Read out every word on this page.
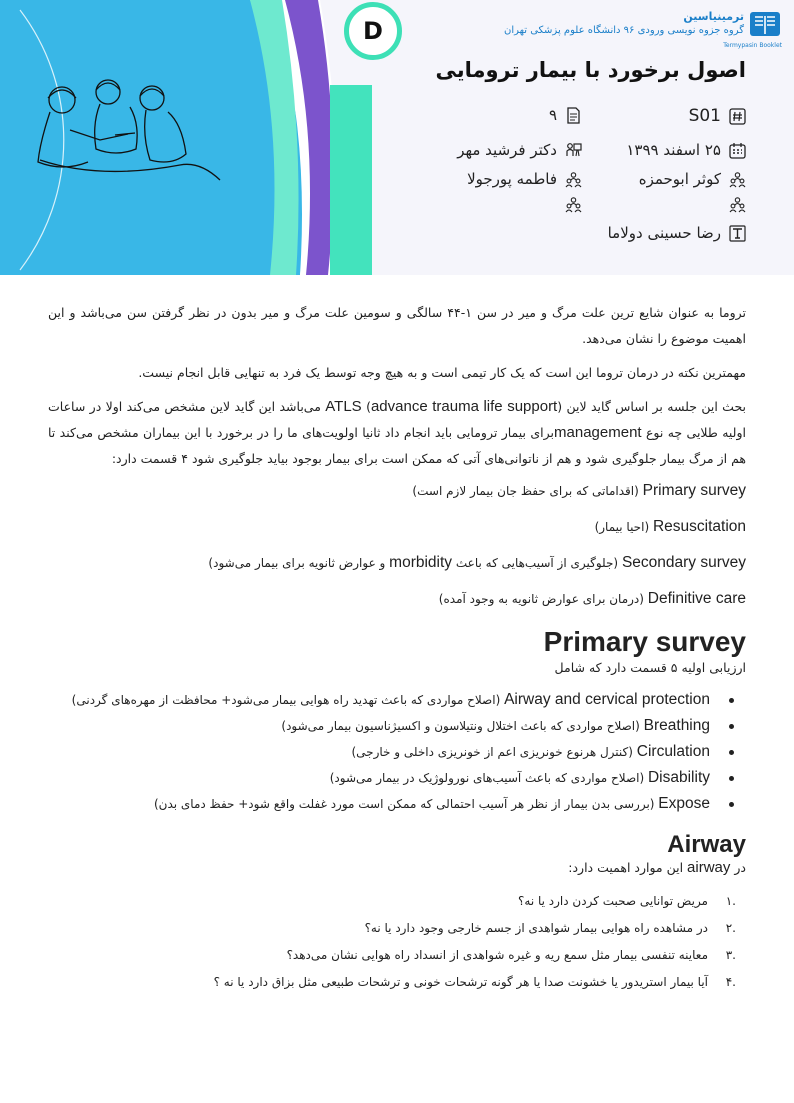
D
ترمینیاسین
گروه جزوه نویسی ورودی ۹۶ دانشگاه علوم پزشکی تهران
Termypasin Booklet
اصول برخورد با بیمار ترومایی
S01
۹
۲۵ اسفند ۱۳۹۹
دکتر فرشید مهر
کوثر ابوحمزه
فاطمه پورجولا
رضا حسینی دولاما

تروما به عنوان شایع ترین علت مرگ و میر در سن ۱-۴۴ سالگی و سومین علت مرگ و میر بدون در نظر گرفتن سن می‌باشد و این اهمیت موضوع را نشان می‌دهد.

مهمترین نکته در درمان تروما این است که یک کار تیمی است و به هیچ وجه توسط یک فرد به تنهایی قابل انجام نیست.

بحث این جلسه بر اساس گاید لاین ATLS (advance trauma life support) می‌باشد این گاید لاین مشخص می‌کند اولا در ساعات اولیه طلایی چه نوع managementبرای بیمار ترومایی باید انجام داد ثانیا اولویت‌های ما را در برخورد با این بیماران مشخص می‌کند تا هم از مرگ بیمار جلوگیری شود و هم از ناتوانی‌های آتی که ممکن است برای بیمار بوجود بیاید جلوگیری شود ۴ قسمت دارد:

Primary survey (اقداماتی که برای حفظ جان بیمار لازم است)
Resuscitation (احیا بیمار)
Secondary survey (جلوگیری از آسیب‌هایی که باعث morbidity و عوارض ثانویه برای بیمار می‌شود)
Definitive care (درمان برای عوارض ثانویه به وجود آمده)
Primary survey

ارزیابی اولیه ۵ قسمت دارد که شامل

Airway and cervical protection (اصلاح مواردی که باعث تهدید راه هوایی بیمار می‌شود+ محافظت از مهره‌های گردنی)
Breathing (اصلاح مواردی که باعث اختلال ونتیلاسون و اکسیژناسیون بیمار می‌شود)
Circulation (کنترل هرنوع خونریزی اعم از خونریزی داخلی و خارجی)
Disability (اصلاح مواردی که باعث آسیب‌های نورولوژیک در بیمار می‌شود)
Expose (بررسی بدن بیمار از نظر هر آسیب احتمالی که ممکن است مورد غفلت واقع شود+ حفظ دمای بدن)
Airway

در airway این موارد اهمیت دارد:

.۱
مریض توانایی صحبت کردن دارد یا نه؟
.۲
در مشاهده راه هوایی بیمار شواهدی از جسم خارجی وجود دارد یا نه؟
.۳
معاینه تنفسی بیمار مثل سمع ریه و غیره شواهدی از انسداد راه هوایی نشان می‌دهد؟
.۴
آیا بیمار استریدور یا خشونت صدا یا هر گونه ترشحات خونی و ترشحات طبیعی مثل بزاق دارد یا نه ؟
